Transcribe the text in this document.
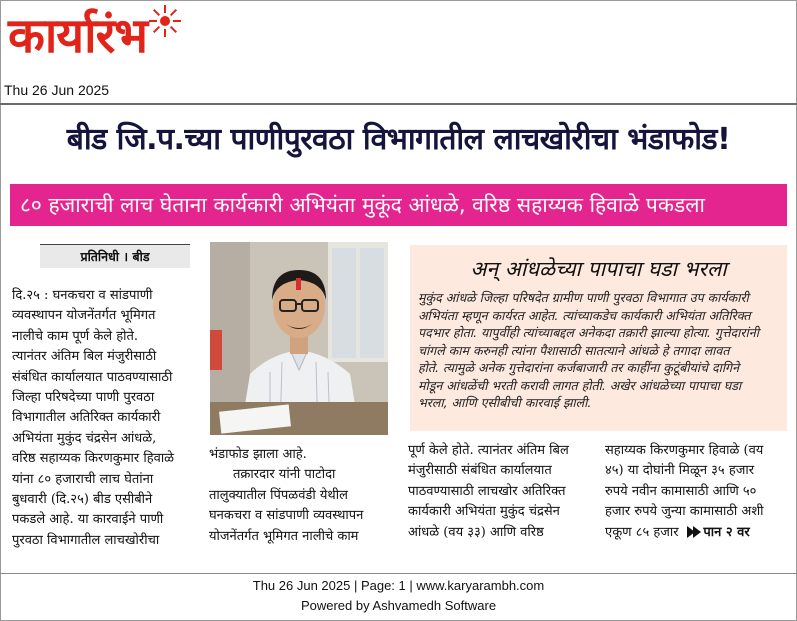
कार्यारंभ
Thu 26 Jun 2025
बीड जि.प.च्या पाणीपुरवठा विभागातील लाचखोरीचा भंडाफोड!
८० हजाराची लाच घेताना कार्यकारी अभियंता मुकूंद आंधळे, वरिष्ठ सहाय्यक हिवाळे पकडला
प्रतिनिधी । बीड
दि.२५ : घनकचरा व सांडपाणी
व्यवस्थापन योजनेंतर्गत भूमिगत
नालीचे काम पूर्ण केले होते.
त्यानंतर अंतिम बिल मंजुरीसाठी
संबंधित कार्यालयात पाठवण्यासाठी
जिल्हा परिषदेच्या पाणी पुरवठा
विभागातील अतिरिक्त कार्यकारी
अभियंता मुकुंद चंद्रसेन आंधळे,
वरिष्ठ सहाय्यक किरणकुमार हिवाळे
यांना ८० हजाराची लाच घेतांना
बुधवारी (दि.२५) बीड एसीबीने
पकडले आहे. या कारवाईने पाणी
पुरवठा विभागातील लाचखोरीचा
अन् आंधळेच्या पापाचा घडा भरला
मुकुंद आंधळे जिल्हा परिषदेत ग्रामीण पाणी पुरवठा विभागात उप कार्यकारी
अभियंता म्हणून कार्यरत आहेत. त्यांच्याकडेच कार्यकारी अभियंता अतिरिक्त
पदभार होता. यापुर्वीही त्यांच्याबद्दल अनेकदा तक्रारी झाल्या होत्या. गुत्तेदारांनी
चांगले काम करुनही त्यांना पैशासाठी सातत्याने आंधळे हे तगादा लावत
होते. त्यामुळे अनेक गुत्तेदारांना कर्जबाजारी तर काहींना कुटूंबीयांचे दागिने
मोडून आंधळेंची भरती करावी लागत होती. अखेर आंधळेच्या पापाचा घडा
भरला, आणि एसीबीची कारवाई झाली.
भंडाफोड झाला आहे.
तक्रारदार यांनी पाटोदा
तालुक्यातील पिंपळवंडी येथील
घनकचरा व सांडपाणी व्यवस्थापन
योजनेंतर्गत भूमिगत नालीचे काम
पूर्ण केले होते. त्यानंतर अंतिम बिल
मंजुरीसाठी संबंधित कार्यालयात
पाठवण्यासाठी लाचखोर अतिरिक्त
कार्यकारी अभियंता मुकुंद चंद्रसेन
आंधळे (वय ३३) आणि वरिष्ठ
सहाय्यक किरणकुमार हिवाळे (वय
४५) या दोघांनी मिळून ३५ हजार
रुपये नवीन कामासाठी आणि ५०
हजार रुपये जुन्या कामासाठी अशी
एकूण ८५ हजार पान २ वर
Thu 26 Jun 2025 | Page: 1 | www.karyarambh.com
Powered by Ashvamedh Software
